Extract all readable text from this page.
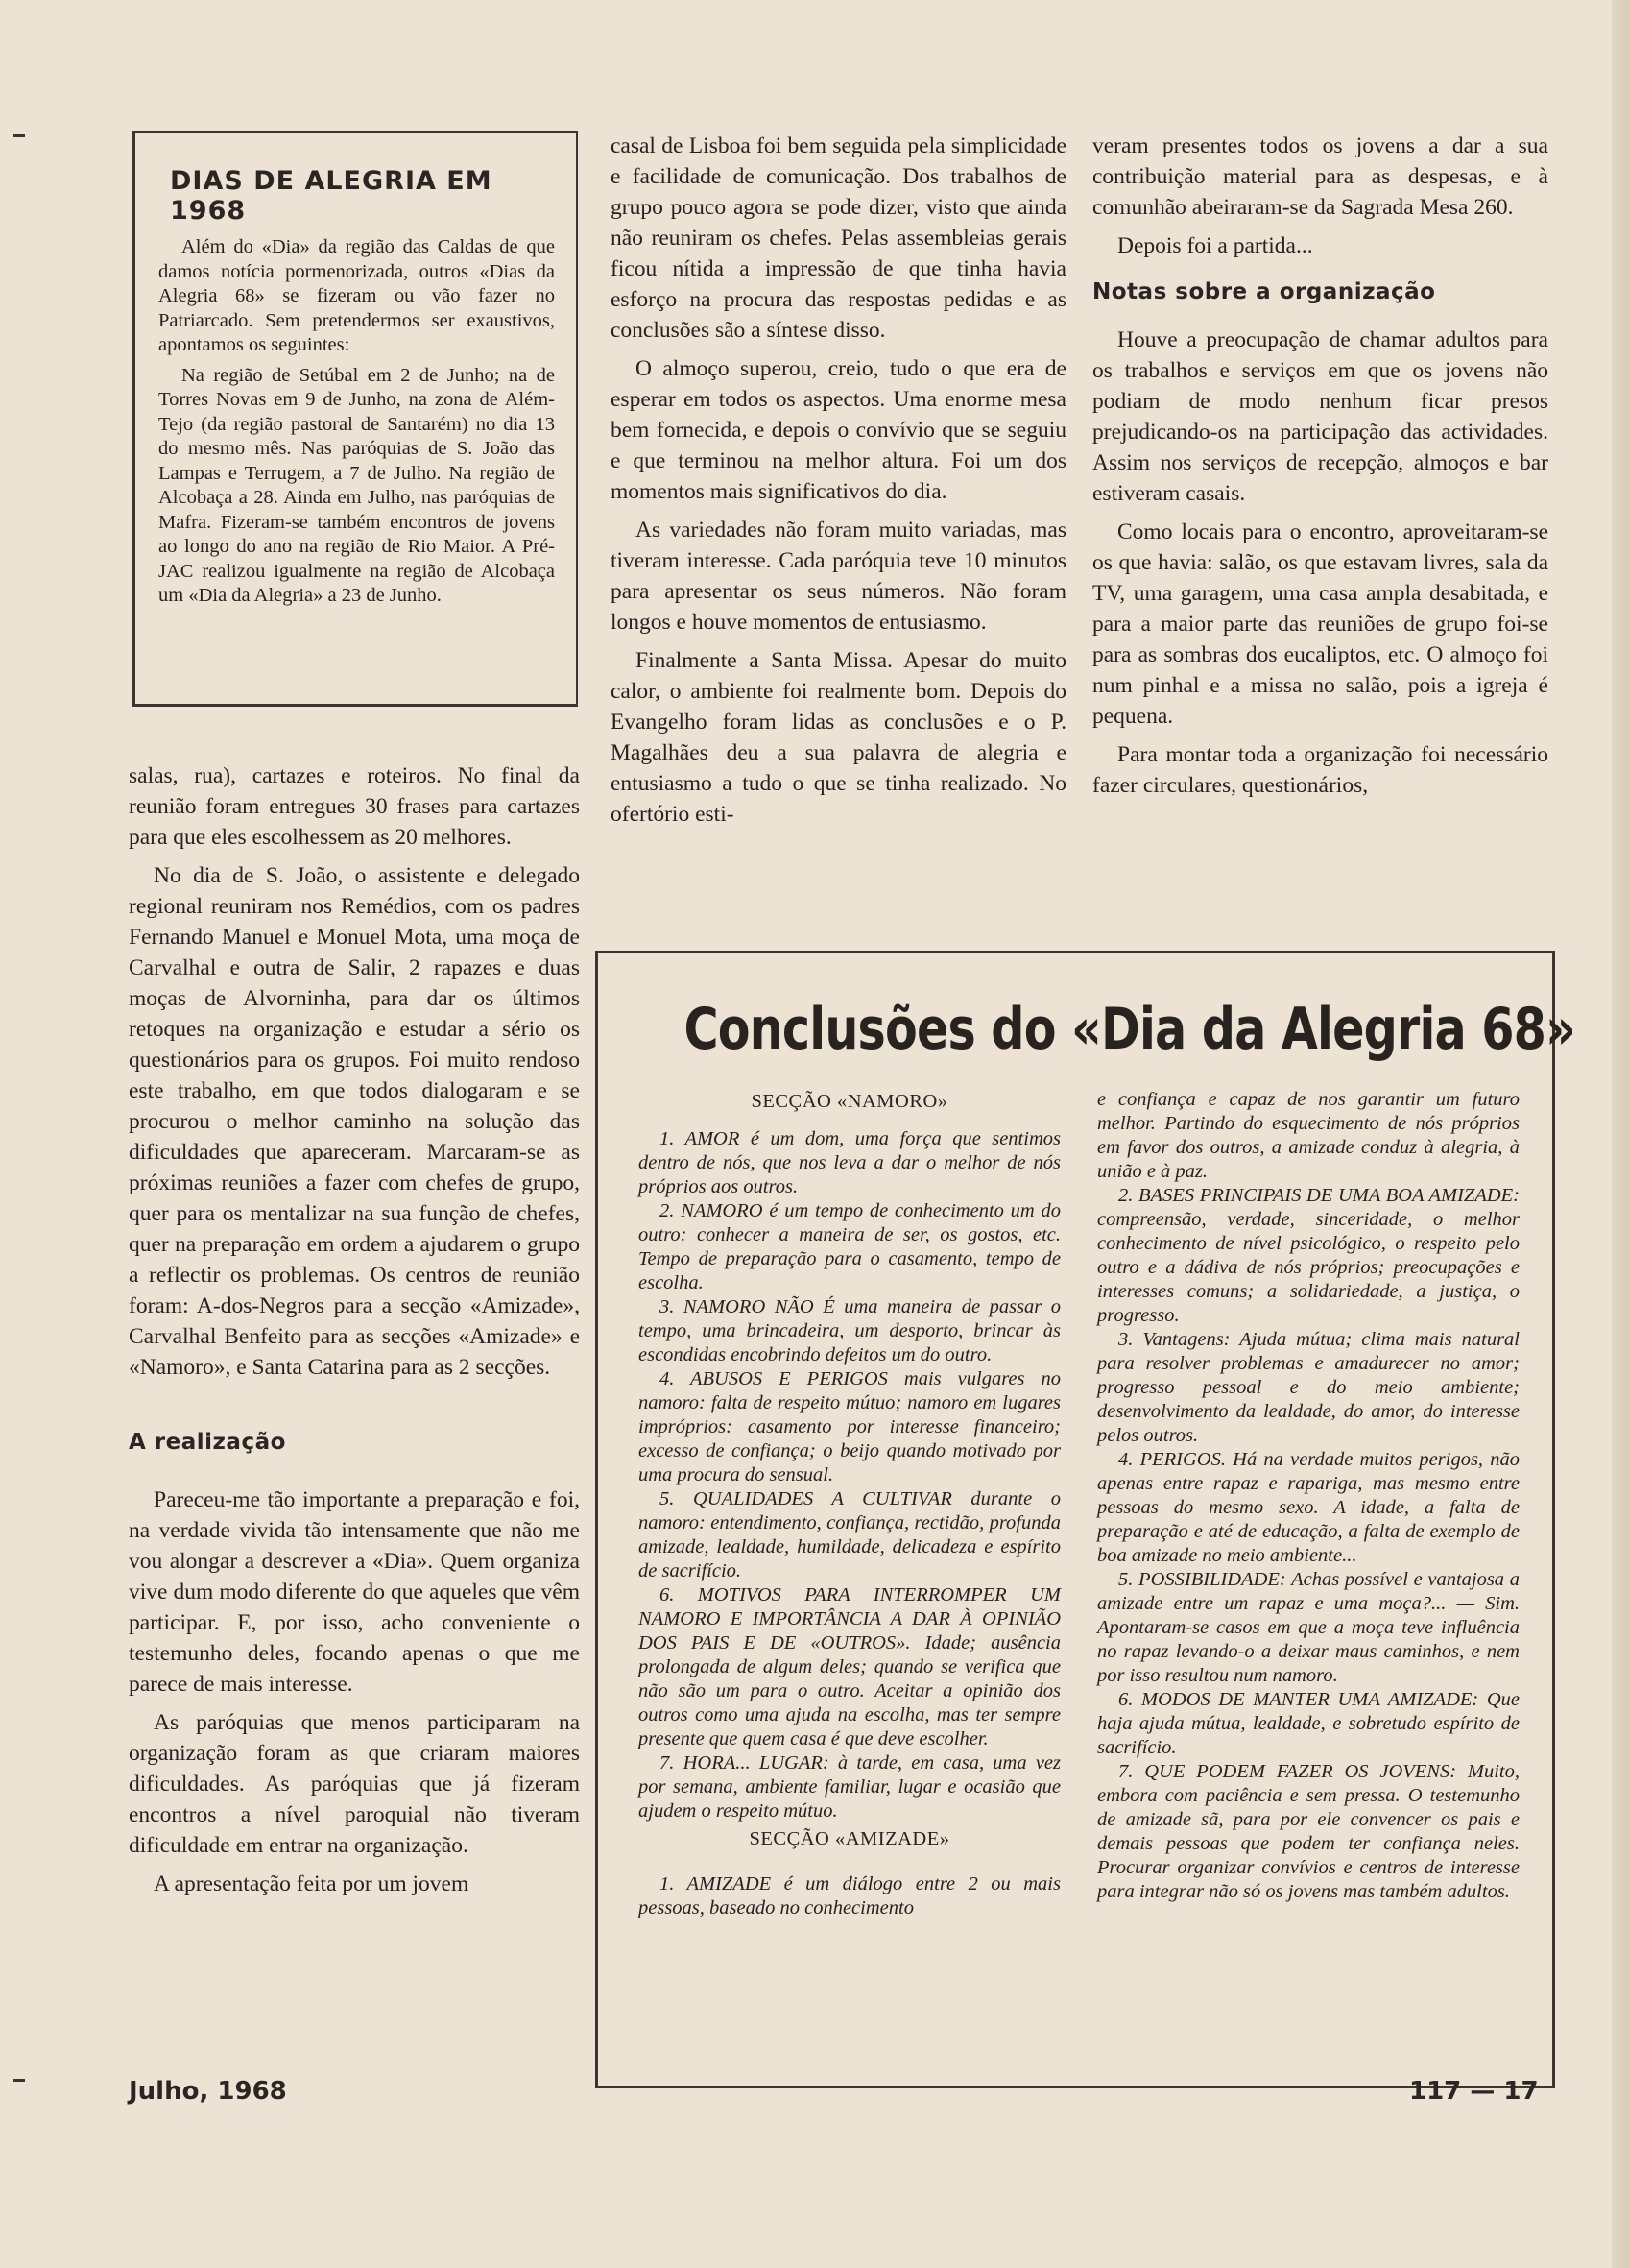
DIAS DE ALEGRIA EM 1968

Além do «Dia» da região das Caldas de que damos notícia pormenorizada, outros «Dias da Alegria 68» se fizeram ou vão fazer no Patriarcado. Sem pretendermos ser exaustivos, apontamos os seguintes:

Na região de Setúbal em 2 de Junho; na de Torres Novas em 9 de Junho, na zona de Além-Tejo (da região pastoral de Santarém) no dia 13 do mesmo mês. Nas paróquias de S. João das Lampas e Terrugem, a 7 de Julho. Na região de Alcobaça a 28. Ainda em Julho, nas paróquias de Mafra. Fizeram-se também encontros de jovens ao longo do ano na região de Rio Maior. A Pré-JAC realizou igualmente na região de Alcobaça um «Dia da Alegria» a 23 de Junho.

salas, rua), cartazes e roteiros. No final da reunião foram entregues 30 frases para cartazes para que eles escolhessem as 20 melhores.

No dia de S. João, o assistente e delegado regional reuniram nos Remédios, com os padres Fernando Manuel e Monuel Mota, uma moça de Carvalhal e outra de Salir, 2 rapazes e duas moças de Alvorninha, para dar os últimos retoques na organização e estudar a sério os questionários para os grupos. Foi muito rendoso este trabalho, em que todos dialogaram e se procurou o melhor caminho na solução das dificuldades que apareceram. Marcaram-se as próximas reuniões a fazer com chefes de grupo, quer para os mentalizar na sua função de chefes, quer na preparação em ordem a ajudarem o grupo a reflectir os problemas. Os centros de reunião foram: A-dos-Negros para a secção «Amizade», Carvalhal Benfeito para as secções «Amizade» e «Namoro», e Santa Catarina para as 2 secções.

A realização

Pareceu-me tão importante a preparação e foi, na verdade vivida tão intensamente que não me vou alongar a descrever a «Dia». Quem organiza vive dum modo diferente do que aqueles que vêm participar. E, por isso, acho conveniente o testemunho deles, focando apenas o que me parece de mais interesse.

As paróquias que menos participaram na organização foram as que criaram maiores dificuldades. As paróquias que já fizeram encontros a nível paroquial não tiveram dificuldade em entrar na organização.

A apresentação feita por um jovem

casal de Lisboa foi bem seguida pela simplicidade e facilidade de comunicação. Dos trabalhos de grupo pouco agora se pode dizer, visto que ainda não reuniram os chefes. Pelas assembleias gerais ficou nítida a impressão de que tinha havia esforço na procura das respostas pedidas e as conclusões são a síntese disso.

O almoço superou, creio, tudo o que era de esperar em todos os aspectos. Uma enorme mesa bem fornecida, e depois o convívio que se seguiu e que terminou na melhor altura. Foi um dos momentos mais significativos do dia.

As variedades não foram muito variadas, mas tiveram interesse. Cada paróquia teve 10 minutos para apresentar os seus números. Não foram longos e houve momentos de entusiasmo.

Finalmente a Santa Missa. Apesar do muito calor, o ambiente foi realmente bom. Depois do Evangelho foram lidas as conclusões e o P. Magalhães deu a sua palavra de alegria e entusiasmo a tudo o que se tinha realizado. No ofertório esti-

veram presentes todos os jovens a dar a sua contribuição material para as despesas, e à comunhão abeiraram-se da Sagrada Mesa 260.

Depois foi a partida...

Notas sobre a organização

Houve a preocupação de chamar adultos para os trabalhos e serviços em que os jovens não podiam de modo nenhum ficar presos prejudicando-os na participação das actividades. Assim nos serviços de recepção, almoços e bar estiveram casais.

Como locais para o encontro, aproveitaram-se os que havia: salão, os que estavam livres, sala da TV, uma garagem, uma casa ampla desabitada, e para a maior parte das reuniões de grupo foi-se para as sombras dos eucaliptos, etc. O almoço foi num pinhal e a missa no salão, pois a igreja é pequena.

Para montar toda a organização foi necessário fazer circulares, questionários,

Conclusões do «Dia da Alegria 68»

SECÇÃO «NAMORO»

1. AMOR é um dom, uma força que sentimos dentro de nós, que nos leva a dar o melhor de nós próprios aos outros.

2. NAMORO é um tempo de conhecimento um do outro: conhecer a maneira de ser, os gostos, etc. Tempo de preparação para o casamento, tempo de escolha.

3. NAMORO NÃO É uma maneira de passar o tempo, uma brincadeira, um desporto, brincar às escondidas encobrindo defeitos um do outro.

4. ABUSOS E PERIGOS mais vulgares no namoro: falta de respeito mútuo; namoro em lugares impróprios: casamento por interesse financeiro; excesso de confiança; o beijo quando motivado por uma procura do sensual.

5. QUALIDADES A CULTIVAR durante o namoro: entendimento, confiança, rectidão, profunda amizade, lealdade, humildade, delicadeza e espírito de sacrifício.

6. MOTIVOS PARA INTERROMPER UM NAMORO E IMPORTÂNCIA A DAR À OPINIÃO DOS PAIS E DE «OUTROS». Idade; ausência prolongada de algum deles; quando se verifica que não são um para o outro. Aceitar a opinião dos outros como uma ajuda na escolha, mas ter sempre presente que quem casa é que deve escolher.

7. HORA... LUGAR: à tarde, em casa, uma vez por semana, ambiente familiar, lugar e ocasião que ajudem o respeito mútuo.

SECÇÃO «AMIZADE»

1. AMIZADE é um diálogo entre 2 ou mais pessoas, baseado no conhecimento

e confiança e capaz de nos garantir um futuro melhor. Partindo do esquecimento de nós próprios em favor dos outros, a amizade conduz à alegria, à união e à paz.

2. BASES PRINCIPAIS DE UMA BOA AMIZADE: compreensão, verdade, sinceridade, o melhor conhecimento de nível psicológico, o respeito pelo outro e a dádiva de nós próprios; preocupações e interesses comuns; a solidariedade, a justiça, o progresso.

3. Vantagens: Ajuda mútua; clima mais natural para resolver problemas e amadurecer no amor; progresso pessoal e do meio ambiente; desenvolvimento da lealdade, do amor, do interesse pelos outros.

4. PERIGOS. Há na verdade muitos perigos, não apenas entre rapaz e rapariga, mas mesmo entre pessoas do mesmo sexo. A idade, a falta de preparação e até de educação, a falta de exemplo de boa amizade no meio ambiente...

5. POSSIBILIDADE: Achas possível e vantajosa a amizade entre um rapaz e uma moça?... — Sim. Apontaram-se casos em que a moça teve influência no rapaz levando-o a deixar maus caminhos, e nem por isso resultou num namoro.

6. MODOS DE MANTER UMA AMIZADE: Que haja ajuda mútua, lealdade, e sobretudo espírito de sacrifício.

7. QUE PODEM FAZER OS JOVENS: Muito, embora com paciência e sem pressa. O testemunho de amizade sã, para por ele convencer os pais e demais pessoas que podem ter confiança neles. Procurar organizar convívios e centros de interesse para integrar não só os jovens mas também adultos.

Julho, 1968	117 — 17
